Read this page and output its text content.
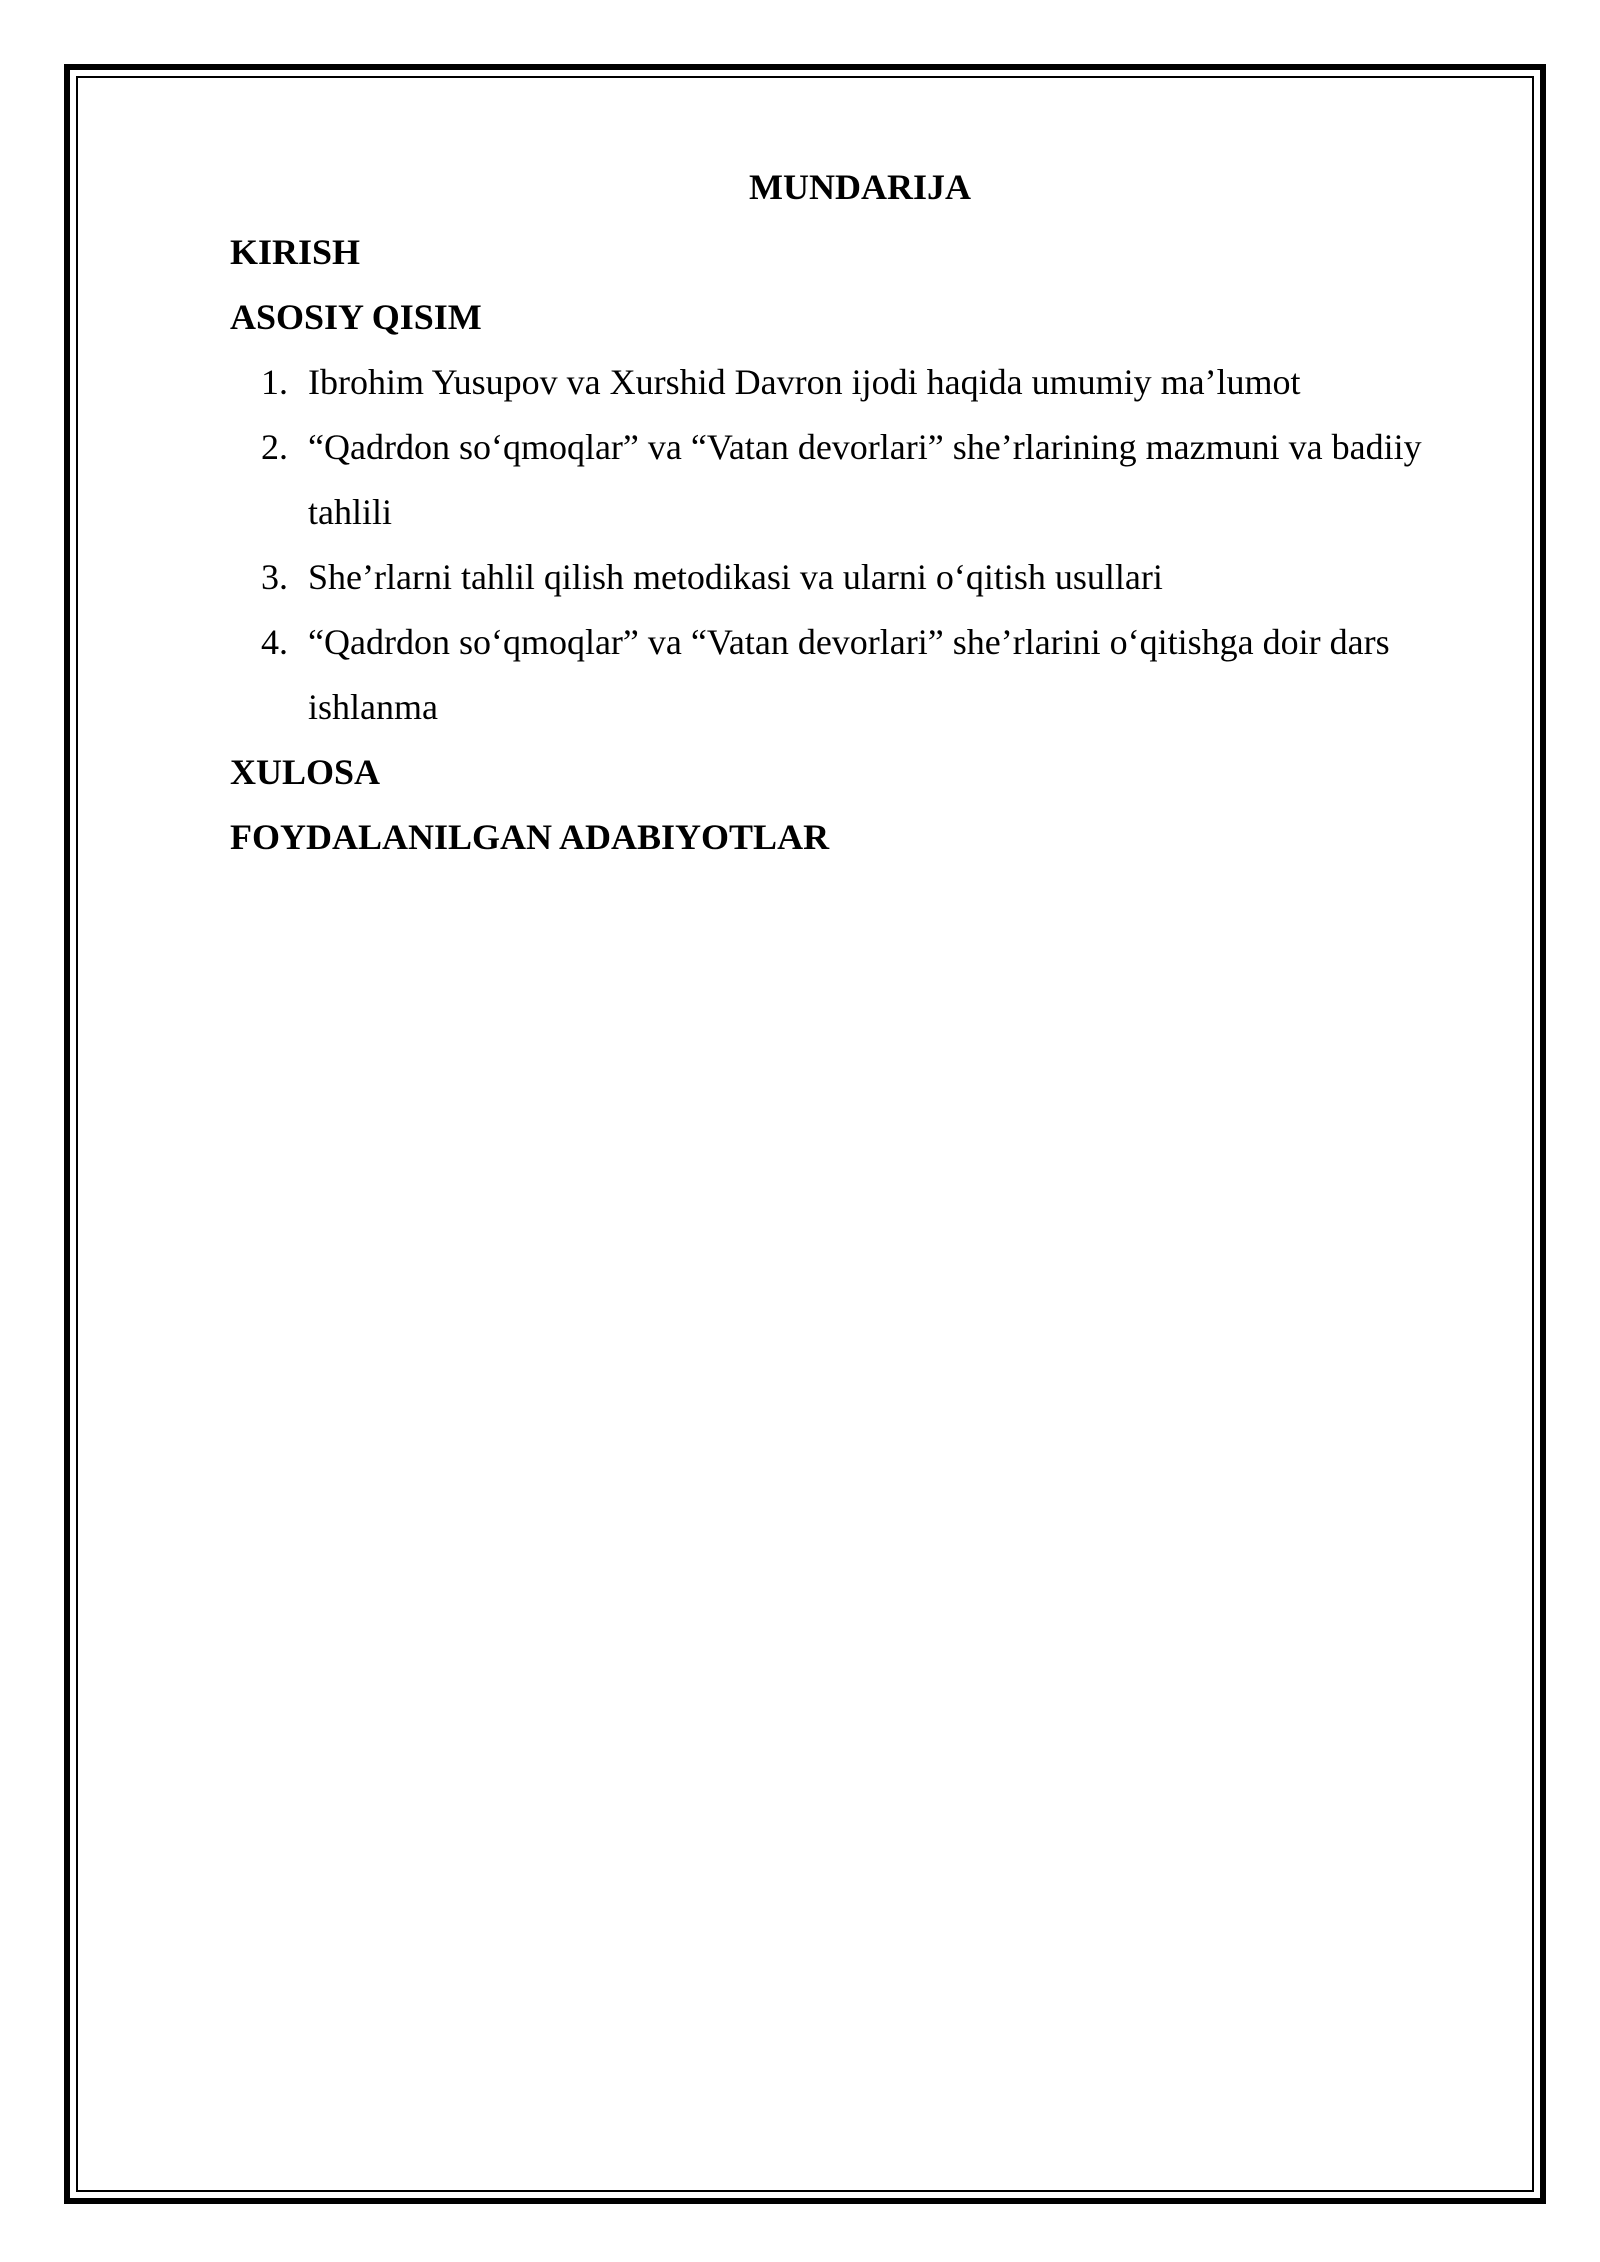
MUNDARIJA

KIRISH

ASOSIY QISIM

1. Ibrohim Yusupov va Xurshid Davron ijodi haqida umumiy ma’lumot
2. “Qadrdon so‘qmoqlar” va “Vatan devorlari” she’rlarining mazmuni va badiiy tahlili
3. She’rlarni tahlil qilish metodikasi va ularni o‘qitish usullari
4. “Qadrdon so‘qmoqlar” va “Vatan devorlari” she’rlarini o‘qitishga doir dars ishlanma

XULOSA

FOYDALANILGAN ADABIYOTLAR
